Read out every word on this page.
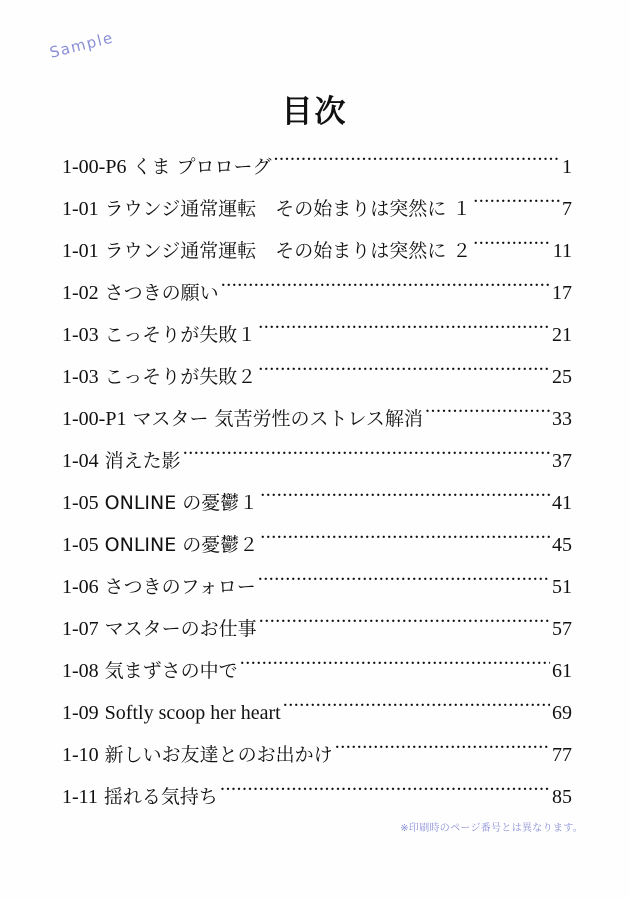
Sample
目次
1-00-P6 くま プロローグ .....	1
1-01 ラウンジ通常運転　その始まりは突然に １ .....	7
1-01 ラウンジ通常運転　その始まりは突然に ２ .....	11
1-02 さつきの願い .....	17
1-03 こっそりが失敗１ .....	21
1-03 こっそりが失敗２ .....	25
1-00-P1 マスター 気苦労性のストレス解消 .....	33
1-04 消えた影 .....	37
1-05 ONLINE の憂鬱１ .....	41
1-05 ONLINE の憂鬱２ .....	45
1-06 さつきのフォロー .....	51
1-07 マスターのお仕事 .....	57
1-08 気まずさの中で .....	61
1-09 Softly scoop her heart .....	69
1-10 新しいお友達とのお出かけ .....	77
1-11 揺れる気持ち .....	85
※印刷時のページ番号とは異なります。
